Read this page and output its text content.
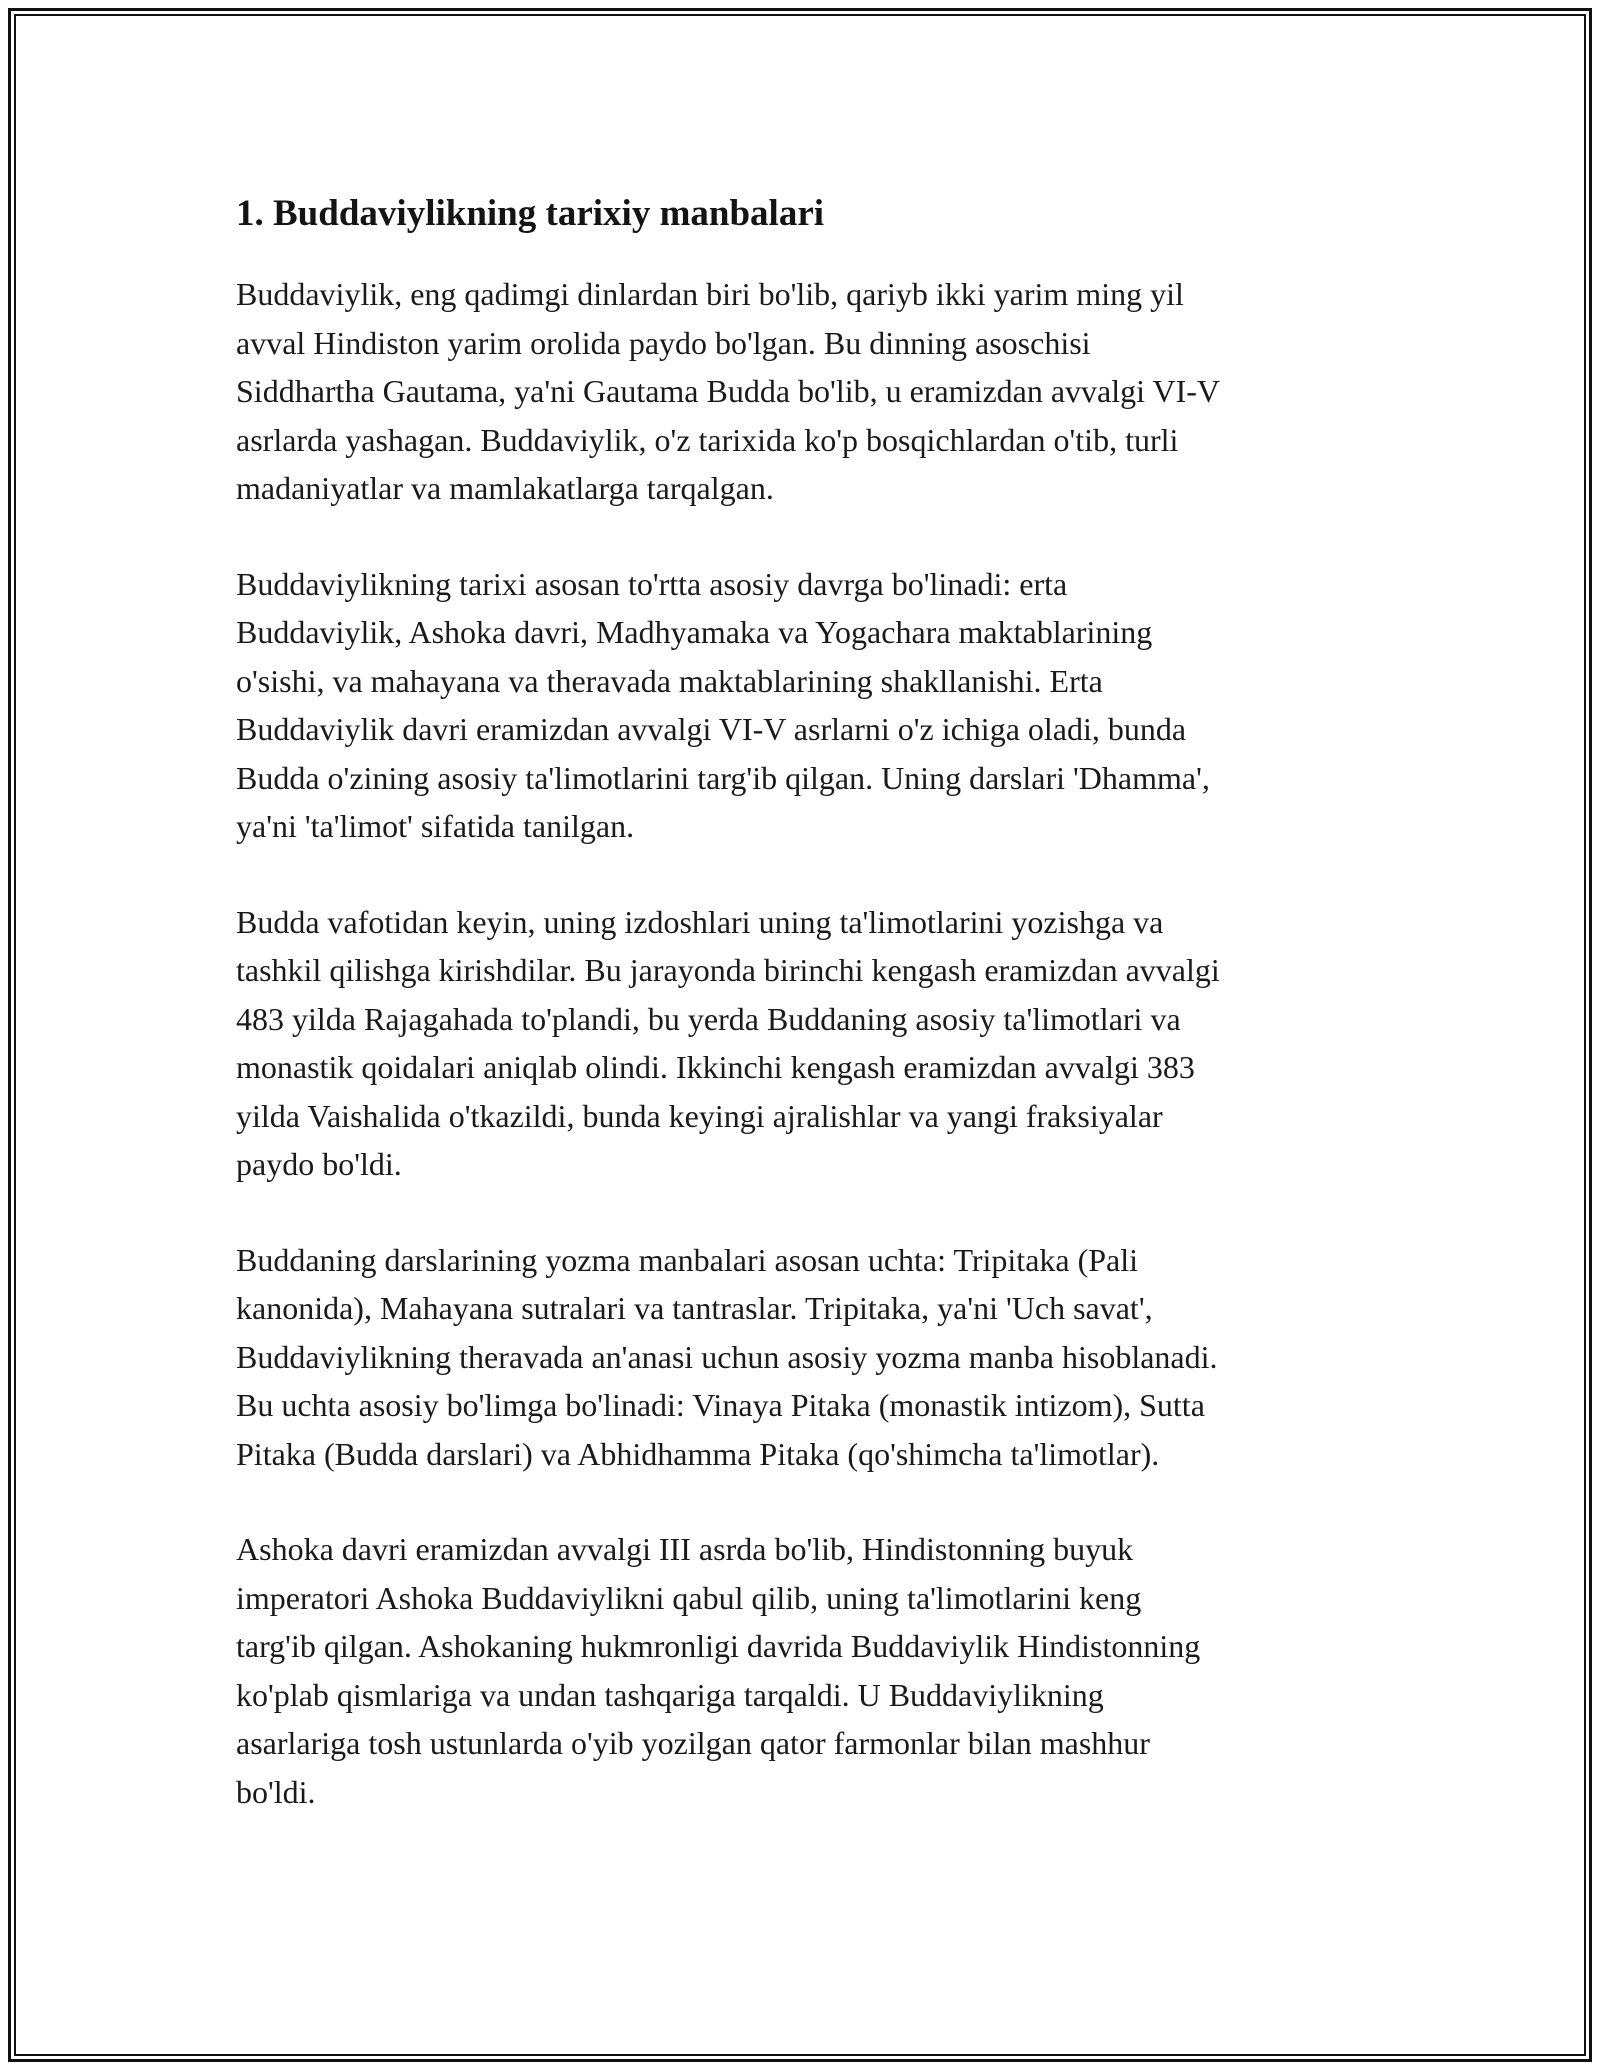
1. Buddaviylikning tarixiy manbalari

Buddaviylik, eng qadimgi dinlardan biri bo'lib, qariyb ikki yarim ming yil
avval Hindiston yarim orolida paydo bo'lgan. Bu dinning asoschisi
Siddhartha Gautama, ya'ni Gautama Budda bo'lib, u eramizdan avvalgi VI-V
asrlarda yashagan. Buddaviylik, o'z tarixida ko'p bosqichlardan o'tib, turli
madaniyatlar va mamlakatlarga tarqalgan.

Buddaviylikning tarixi asosan to'rtta asosiy davrga bo'linadi: erta
Buddaviylik, Ashoka davri, Madhyamaka va Yogachara maktablarining
o'sishi, va mahayana va theravada maktablarining shakllanishi. Erta
Buddaviylik davri eramizdan avvalgi VI-V asrlarni o'z ichiga oladi, bunda
Budda o'zining asosiy ta'limotlarini targ'ib qilgan. Uning darslari 'Dhamma',
ya'ni 'ta'limot' sifatida tanilgan.

Budda vafotidan keyin, uning izdoshlari uning ta'limotlarini yozishga va
tashkil qilishga kirishdilar. Bu jarayonda birinchi kengash eramizdan avvalgi
483 yilda Rajagahada to'plandi, bu yerda Buddaning asosiy ta'limotlari va
monastik qoidalari aniqlab olindi. Ikkinchi kengash eramizdan avvalgi 383
yilda Vaishalida o'tkazildi, bunda keyingi ajralishlar va yangi fraksiyalar
paydo bo'ldi.

Buddaning darslarining yozma manbalari asosan uchta: Tripitaka (Pali
kanonida), Mahayana sutralari va tantraslar. Tripitaka, ya'ni 'Uch savat',
Buddaviylikning theravada an'anasi uchun asosiy yozma manba hisoblanadi.
Bu uchta asosiy bo'limga bo'linadi: Vinaya Pitaka (monastik intizom), Sutta
Pitaka (Budda darslari) va Abhidhamma Pitaka (qo'shimcha ta'limotlar).

Ashoka davri eramizdan avvalgi III asrda bo'lib, Hindistonning buyuk
imperatori Ashoka Buddaviylikni qabul qilib, uning ta'limotlarini keng
targ'ib qilgan. Ashokaning hukmronligi davrida Buddaviylik Hindistonning
ko'plab qismlariga va undan tashqariga tarqaldi. U Buddaviylikning
asarlariga tosh ustunlarda o'yib yozilgan qator farmonlar bilan mashhur
bo'ldi.
